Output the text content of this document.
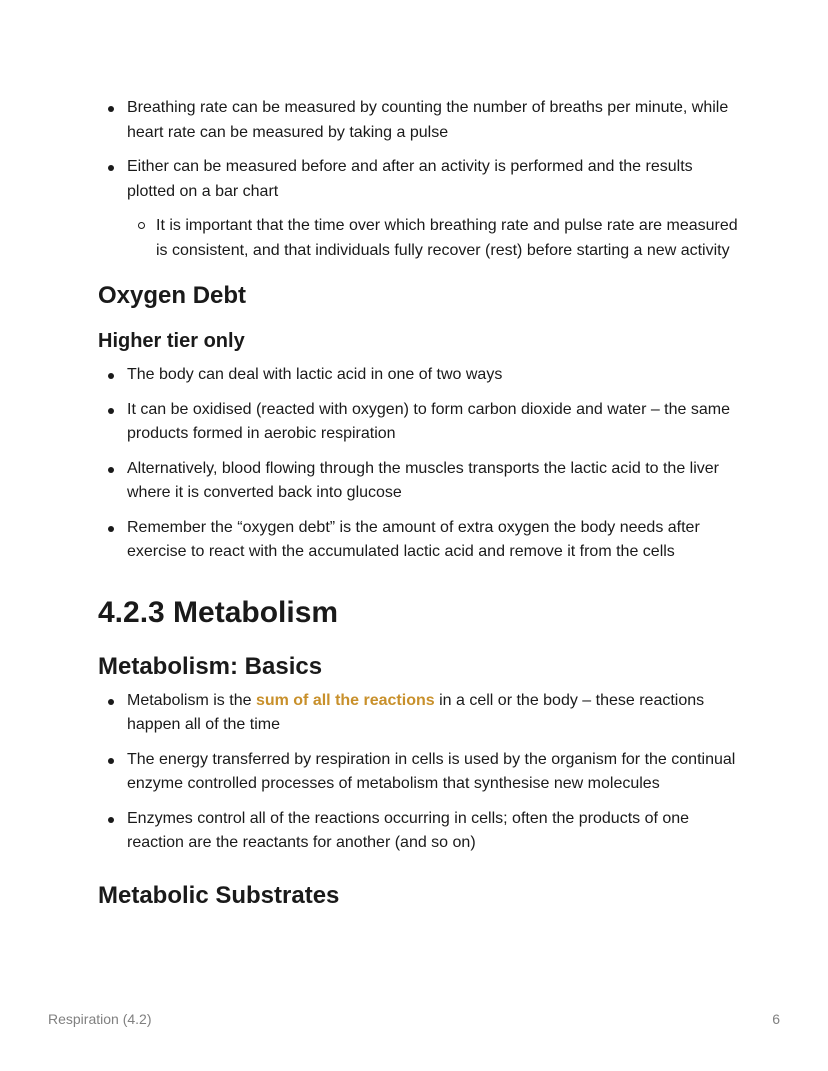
Breathing rate can be measured by counting the number of breaths per minute, while heart rate can be measured by taking a pulse
Either can be measured before and after an activity is performed and the results plotted on a bar chart
It is important that the time over which breathing rate and pulse rate are measured is consistent, and that individuals fully recover (rest) before starting a new activity
Oxygen Debt
Higher tier only
The body can deal with lactic acid in one of two ways
It can be oxidised (reacted with oxygen) to form carbon dioxide and water – the same products formed in aerobic respiration
Alternatively, blood flowing through the muscles transports the lactic acid to the liver where it is converted back into glucose
Remember the “oxygen debt” is the amount of extra oxygen the body needs after exercise to react with the accumulated lactic acid and remove it from the cells
4.2.3 Metabolism
Metabolism: Basics
Metabolism is the sum of all the reactions in a cell or the body – these reactions happen all of the time
The energy transferred by respiration in cells is used by the organism for the continual enzyme controlled processes of metabolism that synthesise new molecules
Enzymes control all of the reactions occurring in cells; often the products of one reaction are the reactants for another (and so on)
Metabolic Substrates
Respiration (4.2)	6
